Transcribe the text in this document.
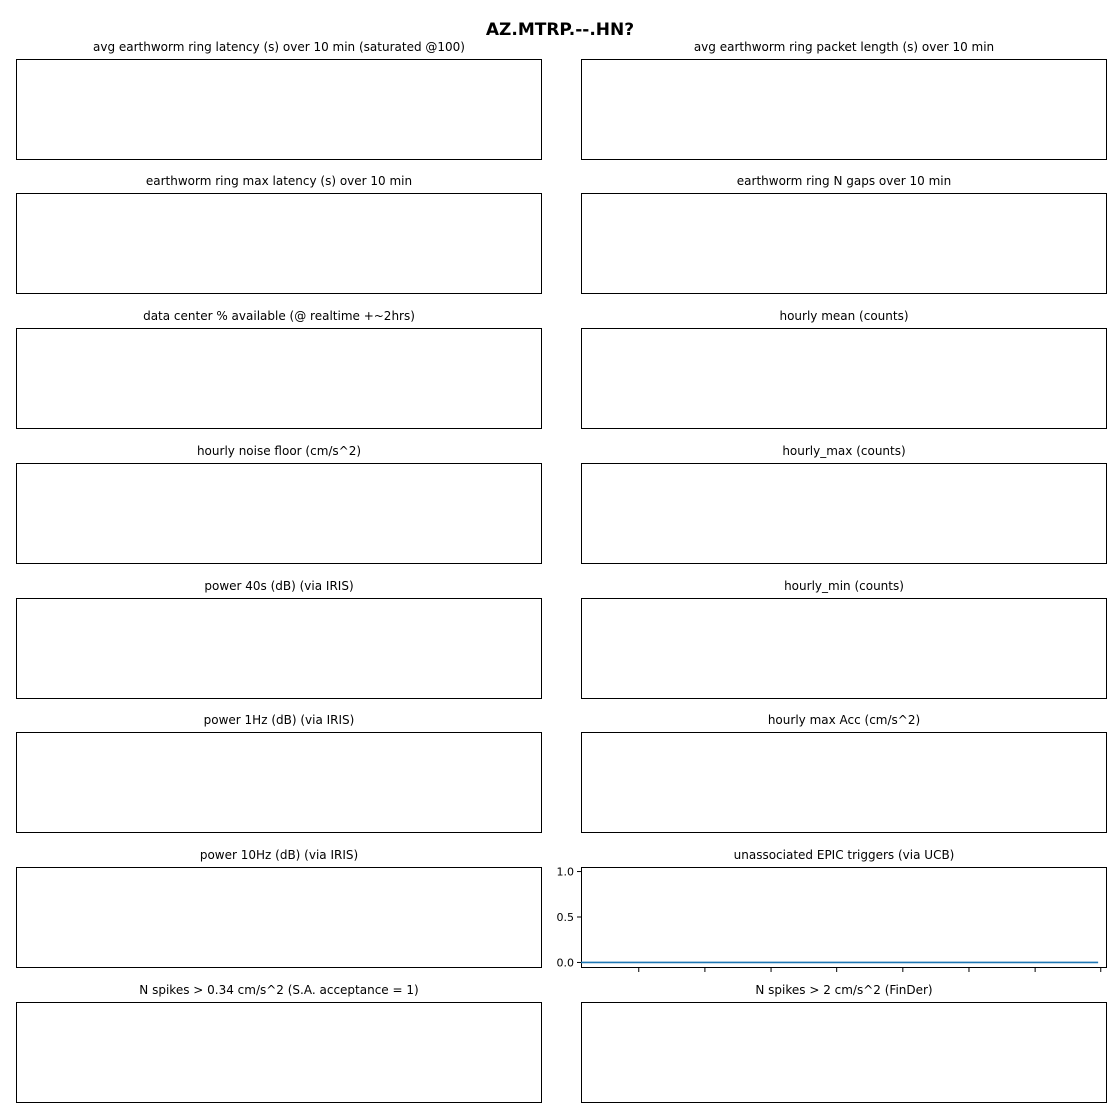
AZ.MTRP.--.HN?
avg earthworm ring latency (s) over 10 min (saturated @100)	avg earthworm ring packet length (s) over 10 min
earthworm ring max latency (s) over 10 min	earthworm ring N gaps over 10 min
data center % available (@ realtime +~2hrs)	hourly mean (counts)
hourly noise floor (cm/s^2)	hourly_max (counts)
power 40s (dB) (via IRIS)	hourly_min (counts)
power 1Hz (dB) (via IRIS)	hourly max Acc (cm/s^2)
power 10Hz (dB) (via IRIS)	unassociated EPIC triggers (via UCB)
0.0
0.5
1.0
N spikes > 0.34 cm/s^2 (S.A. acceptance = 1)	N spikes > 2 cm/s^2 (FinDer)
